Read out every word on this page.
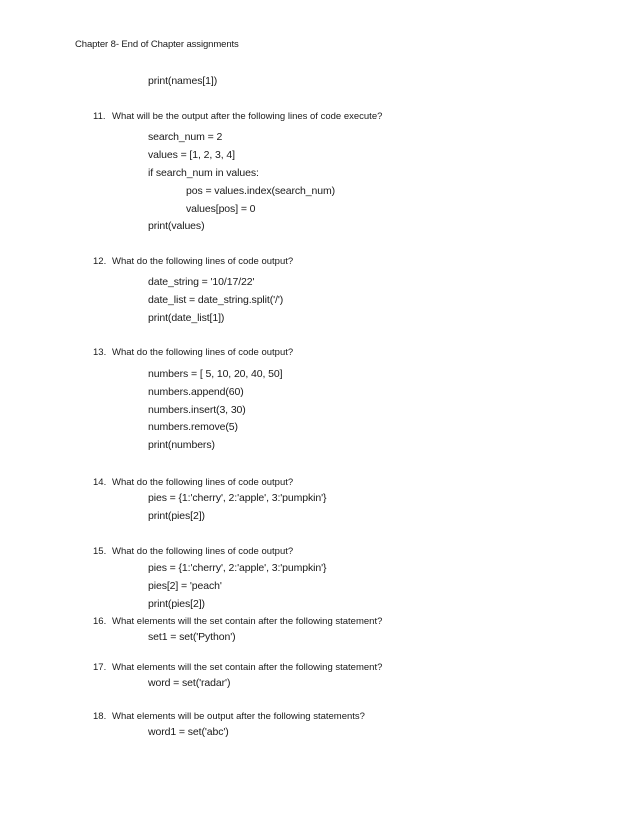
Chapter 8- End of Chapter assignments
print(names[1])
11. What will be the output after the following lines of code execute?
search_num = 2
values = [1, 2, 3, 4]
if search_num in values:
pos = values.index(search_num)
values[pos] = 0
print(values)
12. What do the following lines of code output?
date_string = '10/17/22'
date_list = date_string.split('/')
print(date_list[1])
13. What do the following lines of code output?
numbers = [ 5, 10, 20, 40, 50]
numbers.append(60)
numbers.insert(3, 30)
numbers.remove(5)
print(numbers)
14. What do the following lines of code output?
pies = {1:'cherry', 2:'apple', 3:'pumpkin'}
print(pies[2])
15. What do the following lines of code output?
pies = {1:'cherry', 2:'apple', 3:'pumpkin'}
pies[2] = 'peach'
print(pies[2])
16. What elements will the set contain after the following statement?
set1 = set('Python')
17. What elements will the set contain after the following statement?
word = set('radar')
18. What elements will be output after the following statements?
word1 = set('abc')
